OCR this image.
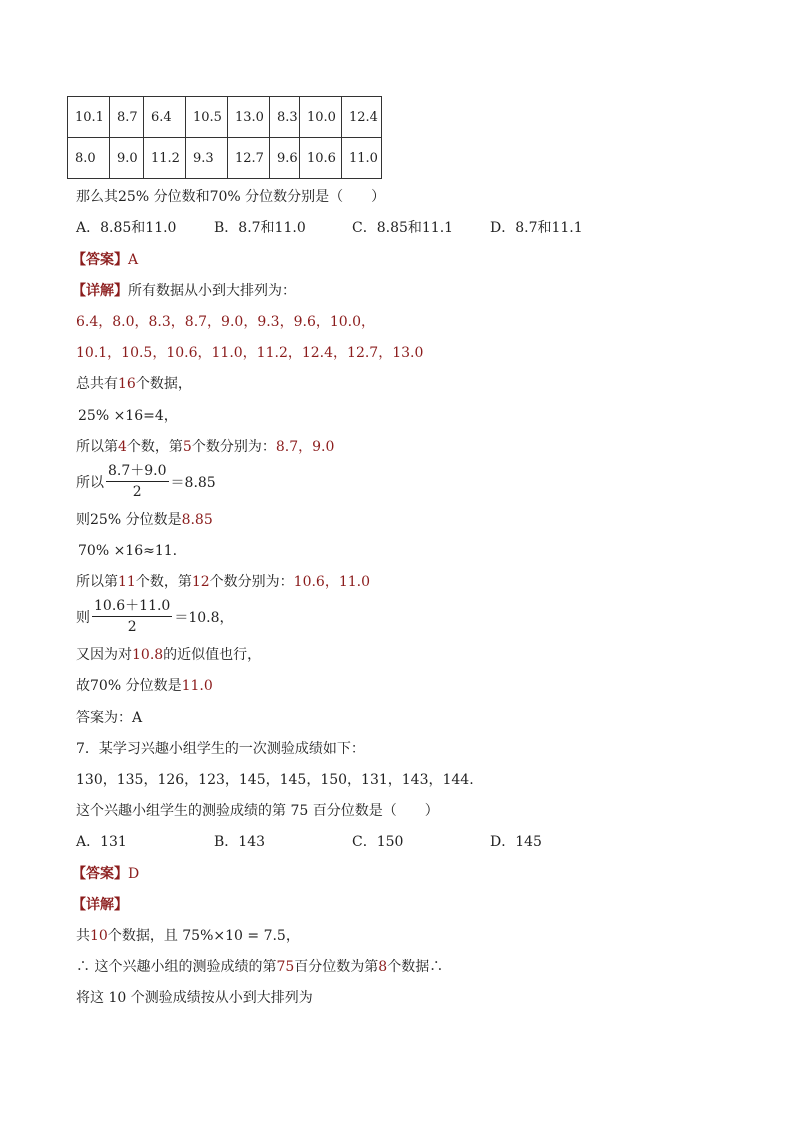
10.1	8.7	6.4	10.5	13.0	8.3	10.0	12.4
8.0	9.0	11.2	9.3	12.7	9.6	10.6	11.0
那么其25% 分位数和70% 分位数分别是（　　）
A．8.85和11.0	B．8.7和11.0	C．8.85和11.1	D．8.7和11.1
【答案】A
【详解】所有数据从小到大排列为：
6.4，8.0，8.3，8.7，9.0，9.3，9.6，10.0，
10.1，10.5，10.6，11.0，11.2，12.4，12.7，13.0
总共有16个数据，
25% ×16=4，
所以第4个数，第5个数分别为：8.7，9.0
所以 $\frac{8.7+9.0}{2} =8.85$
则25% 分位数是8.85
70% ×16≈11.
所以第11个数，第12个数分别为：10.6，11.0
则 $\frac{10.6+11.0}{2} =10.8$，
又因为对10.8的近似值也行，
故70% 分位数是11.0
答案为：A
7．某学习兴趣小组学生的一次测验成绩如下：
130，135，126，123，145，145，150，131，143，144.
这个兴趣小组学生的测验成绩的第 75 百分位数是（　　）
A．131	B．143	C．150	D．145
【答案】D
【详解】
共10个数据，且 75%×10 = 7.5，
∴ 这个兴趣小组的测验成绩的第75百分位数为第8个数据∴
将这 10 个测验成绩按从小到大排列为
